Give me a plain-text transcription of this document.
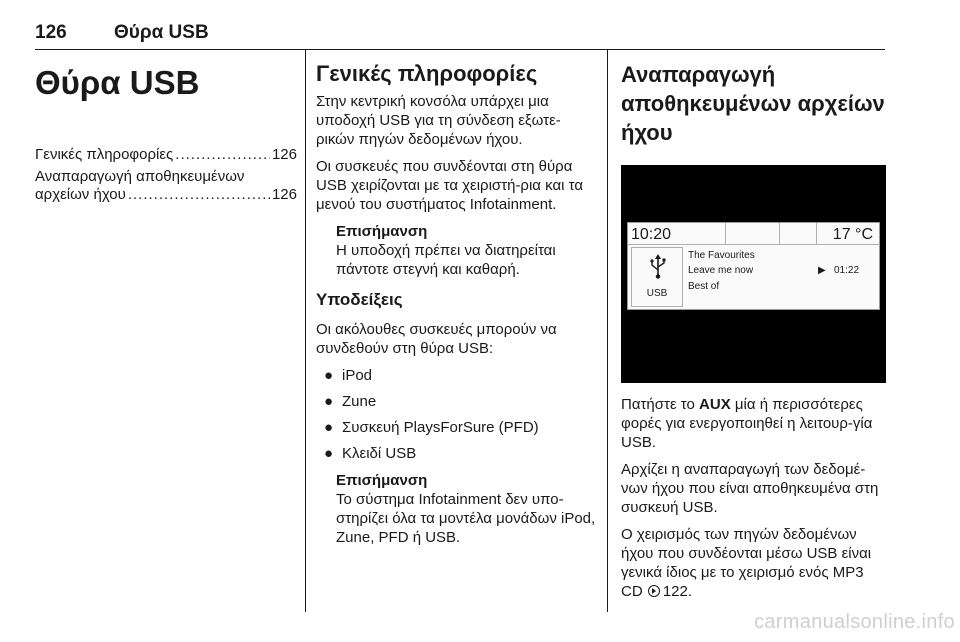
126 Θύρα USB
Θύρα USB
Γενικές πληροφορίες .....	126
Αναπαραγωγή αποθηκευμένων
αρχείων ήχου .....	126
Γενικές πληροφορίες

Στην κεντρική κονσόλα υπάρχει μια υποδοχή USB για τη σύνδεση εξωτε-ρικών πηγών δεδομένων ήχου.

Οι συσκευές που συνδέονται στη θύρα USB χειρίζονται με τα χειριστή-ρια και τα μενού του συστήματος Infotainment.

Επισήμανση
Η υποδοχή πρέπει να διατηρείται πάντοτε στεγνή και καθαρή.
Υποδείξεις

Οι ακόλουθες συσκευές μπορούν να συνδεθούν στη θύρα USB:

● iPod
● Zune
● Συσκευή PlaysForSure (PFD)
● Κλειδί USB
Επισήμανση
Το σύστημα Infotainment δεν υπο-στηρίζει όλα τα μοντέλα μονάδων iPod, Zune, PFD ή USB.
Αναπαραγωγή αποθηκευμένων αρχείων ήχου
10:20	17 °C
USB
The Favourites
Leave me now
Best of
▶ 01:22

Πατήστε το AUX μία ή περισσότερες φορές για ενεργοποιηθεί η λειτουρ-γία USB.

Αρχίζει η αναπαραγωγή των δεδομέ-νων ήχου που είναι αποθηκευμένα στη συσκευή USB.

Ο χειρισμός των πηγών δεδομένων ήχου που συνδέονται μέσω USB είναι γενικά ίδιος με το χειρισμό ενός MP3
CD 122.

carmanualsonline.info
